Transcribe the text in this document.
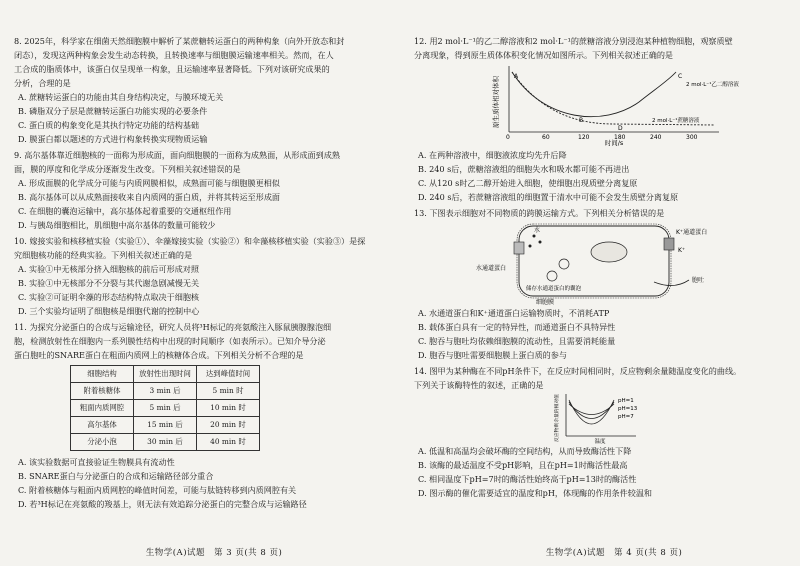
8. 2025年，科学家在细菌天然细胞膜中解析了某蔗糖转运蛋白的两种构象（向外开放态和封
闭态），发现这两种构象会发生动态转换，且转换速率与细胞膜运输速率相关。然而，在人
工合成的脂质体中，该蛋白仅呈现单一构象，且运输速率显著降低。下列对该研究成果的
分析，合理的是
A. 蔗糖转运蛋白的功能由其自身结构决定，与膜环境无关
B. 磷脂双分子层是蔗糖转运蛋白功能实现的必要条件
C. 蛋白质的构象变化是其执行特定功能的结构基础
D. 膜蛋白都以题述的方式进行构象转换实现物质运输
9. 高尔基体靠近细胞核的一面称为形成面，面向细胞膜的一面称为成熟面，从形成面到成熟
面，膜的厚度和化学成分逐渐发生改变。下列相关叙述错误的是
A. 形成面膜的化学成分可能与内质网膜相似，成熟面可能与细胞膜更相似
B. 高尔基体可以从成熟面接收来自内质网的蛋白质，并将其转运至形成面
C. 在细胞的囊泡运输中，高尔基体起着重要的交通枢纽作用
D. 与胰岛细胞相比，肌细胞中高尔基体的数量可能较少
10. 嫁接实验和核移植实验（实验①）、伞藻嫁接实验（实验②）和伞藻核移植实验（实验③）是探
究细胞核功能的经典实验。下列相关叙述正确的是
A. 实验①中无核部分挤入细胞核的前后可形成对照
B. 实验①中无核部分不分裂与其代谢急剧减慢无关
C. 实验②可证明伞藻的形态结构特点取决于细胞核
D. 三个实验均证明了细胞核是细胞代谢的控制中心
11. 为探究分泌蛋白的合成与运输途径，研究人员将³H标记的亮氨酸注入豚鼠胰腺腺泡细
胞，检测放射性在细胞内一系列膜性结构中出现的时间顺序（如表所示）。已知介导分泌
蛋白胞吐的SNARE蛋白在粗面内质网上的核糖体合成。下列相关分析不合理的是
细胞结构	放射性出现时间	达到峰值时间
附着核糖体	3 min 后	5 min 时
粗面内质网腔	5 min 后	10 min 时
高尔基体	15 min 后	20 min 时
分泌小泡	30 min 后	40 min 时
A. 该实验数据可直接验证生物膜具有流动性
B. SNARE蛋白与分泌蛋白的合成和运输路径部分重合
C. 附着核糖体与粗面内质网腔的峰值时间差，可能与肽链转移到内质网腔有关
D. 若³H标记在亮氨酸的羧基上，则无法有效追踪分泌蛋白的完整合成与运输路径
生物学(A)试题　第 3 页(共 8 页)
12. 用2 mol·L⁻¹的乙二醇溶液和2 mol·L⁻¹的蔗糖溶液分别浸泡某种植物细胞，观察质壁
分离现象，得到原生质体体积变化情况如图所示。下列相关叙述正确的是
原生质体相对体积
时间/s
0	60	120	180	240	300
A
B
C
D
2 mol·L⁻¹乙二醇溶液
2 mol·L⁻¹蔗糖溶液
A. 在两种溶液中，细胞液浓度均先升后降
B. 240 s后，蔗糖溶液组的细胞失水和吸水都可能不再进出
C. 从120 s时乙二醇开始进入细胞，使细胞出现质壁分离复原
D. 240 s后，若蔗糖溶液组的细胞置于清水中可能不会发生质壁分离复原
13. 下图表示细胞对不同物质的跨膜运输方式。下列相关分析错误的是
水通道蛋白
K⁺通道蛋白
储存水通道蛋白的囊泡
细胞膜
水
K⁺
胞吐
A. 水通道蛋白和K⁺通道蛋白运输物质时，不消耗ATP
B. 载体蛋白具有一定的特异性，而通道蛋白不具特异性
C. 胞吞与胞吐均依赖细胞膜的流动性，且需要消耗能量
D. 胞吞与胞吐需要细胞膜上蛋白质的参与
14. 图甲为某种酶在不同pH条件下，在反应时间相同时，反应物剩余量随温度变化的曲线。
下列关于该酶特性的叙述，正确的是
反应物剩余量的相对值
温度
pH=1
pH=13
pH=7
A. 低温和高温均会破坏酶的空间结构，从而导致酶活性下降
B. 该酶的最适温度不受pH影响，且在pH=1时酶活性最高
C. 相同温度下pH=7时的酶活性始终高于pH=13时的酶活性
D. 图示酶的催化需要适宜的温度和pH，体现酶的作用条件较温和
生物学(A)试题　第 4 页(共 8 页)
